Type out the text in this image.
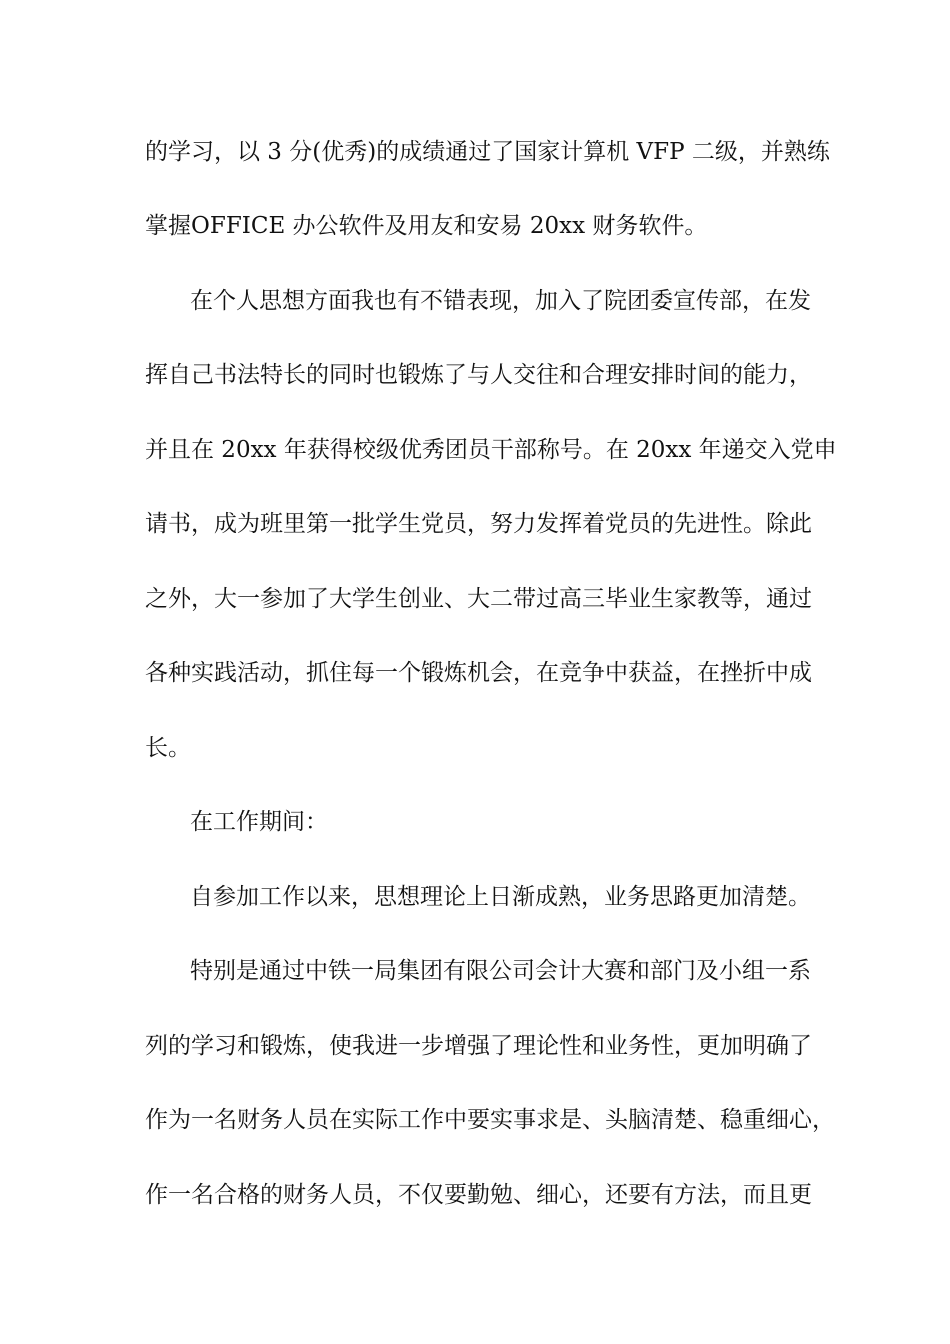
的学习，以 3 分(优秀)的成绩通过了国家计算机 VFP 二级，并熟练
掌握OFFICE 办公软件及用友和安易 20xx 财务软件。
在个人思想方面我也有不错表现，加入了院团委宣传部，在发
挥自己书法特长的同时也锻炼了与人交往和合理安排时间的能力，
并且在 20xx 年获得校级优秀团员干部称号。在 20xx 年递交入党申
请书，成为班里第一批学生党员，努力发挥着党员的先进性。除此
之外，大一参加了大学生创业、大二带过高三毕业生家教等，通过
各种实践活动，抓住每一个锻炼机会，在竞争中获益，在挫折中成
长。
在工作期间：
自参加工作以来，思想理论上日渐成熟，业务思路更加清楚。
特别是通过中铁一局集团有限公司会计大赛和部门及小组一系
列的学习和锻炼，使我进一步增强了理论性和业务性，更加明确了
作为一名财务人员在实际工作中要实事求是、头脑清楚、稳重细心，
作一名合格的财务人员，不仅要勤勉、细心，还要有方法，而且更
